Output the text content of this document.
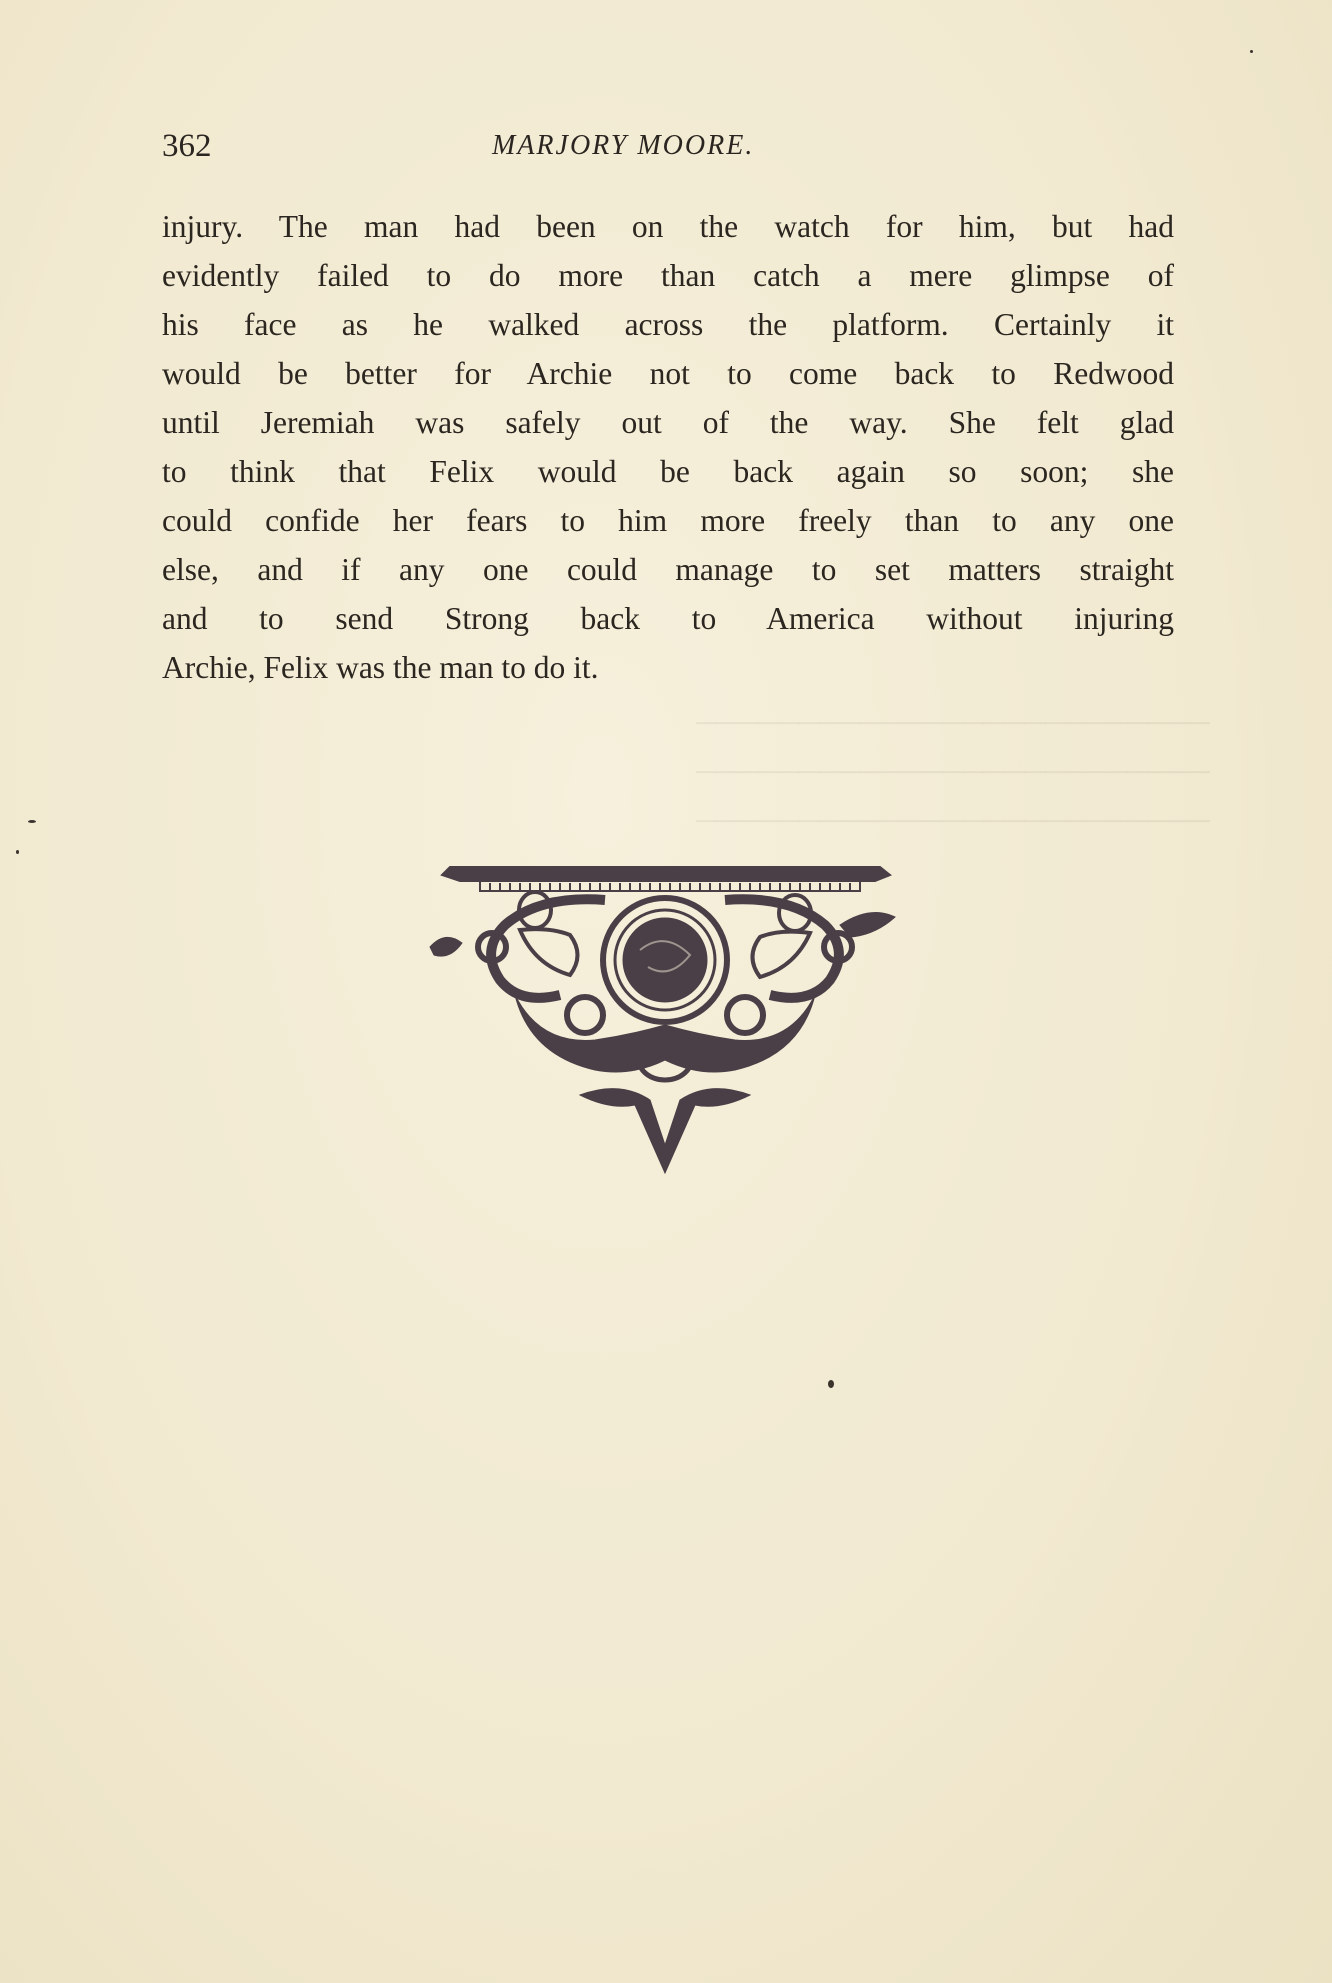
─────────────────────────
─────────────────────────
─────────────────────────

362	MARJORY MOORE.

injury. The man had been on the watch for him, but had

evidently failed to do more than catch a mere glimpse of

his face as he walked across the platform. Certainly it

would be better for Archie not to come back to Redwood

until Jeremiah was safely out of the way. She felt glad

to think that Felix would be back again so soon; she

could confide her fears to him more freely than to any one

else, and if any one could manage to set matters straight

and to send Strong back to America without injuring

Archie, Felix was the man to do it.
